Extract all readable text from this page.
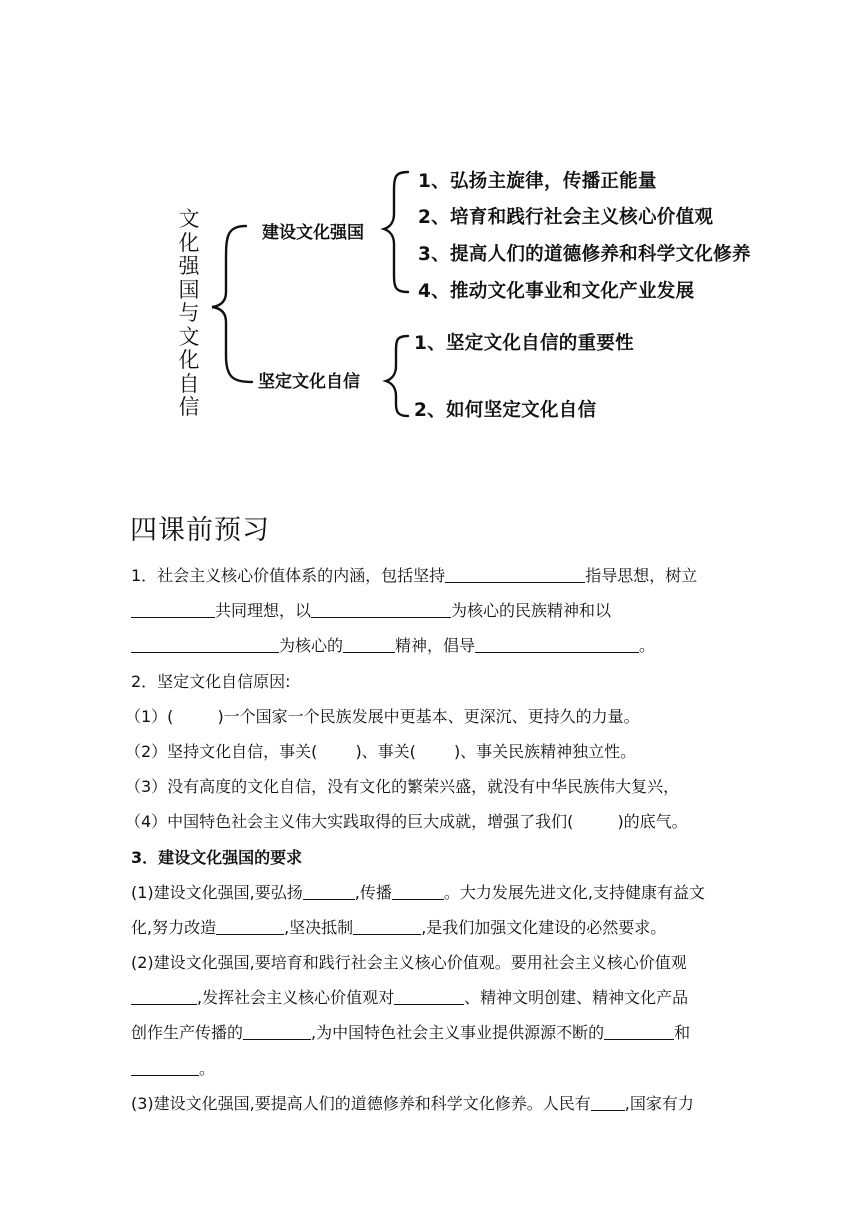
文化强国与文化自信
建设文化强国
坚定文化自信
1、弘扬主旋律，传播正能量
2、培育和践行社会主义核心价值观
3、提高人们的道德修养和科学文化修养
4、推动文化事业和文化产业发展
1、坚定文化自信的重要性
2、如何坚定文化自信
四课前预习
1．社会主义核心价值体系的内涵，包括坚持	指导思想，树立
共同理想，以	为核心的民族精神和以
为核心的	精神，倡导	。
2．坚定文化自信原因:
（1）(	)一个国家一个民族发展中更基本、更深沉、更持久的力量。
（2）坚持文化自信，事关( )、事关( )、事关民族精神独立性。
（3）没有高度的文化自信，没有文化的繁荣兴盛，就没有中华民族伟大复兴，
（4）中国特色社会主义伟大实践取得的巨大成就，增强了我们(	)的底气。
3．建设文化强国的要求
(1)建设文化强国,要弘扬	,传播	。大力发展先进文化,支持健康有益文
化,努力改造	,坚决抵制	,是我们加强文化建设的必然要求。
(2)建设文化强国,要培育和践行社会主义核心价值观。要用社会主义核心价值观
,发挥社会主义核心价值观对	、精神文明创建、精神文化产品
创作生产传播的	,为中国特色社会主义事业提供源源不断的	和
。
(3)建设文化强国,要提高人们的道德修养和科学文化修养。人民有 ,国家有力
